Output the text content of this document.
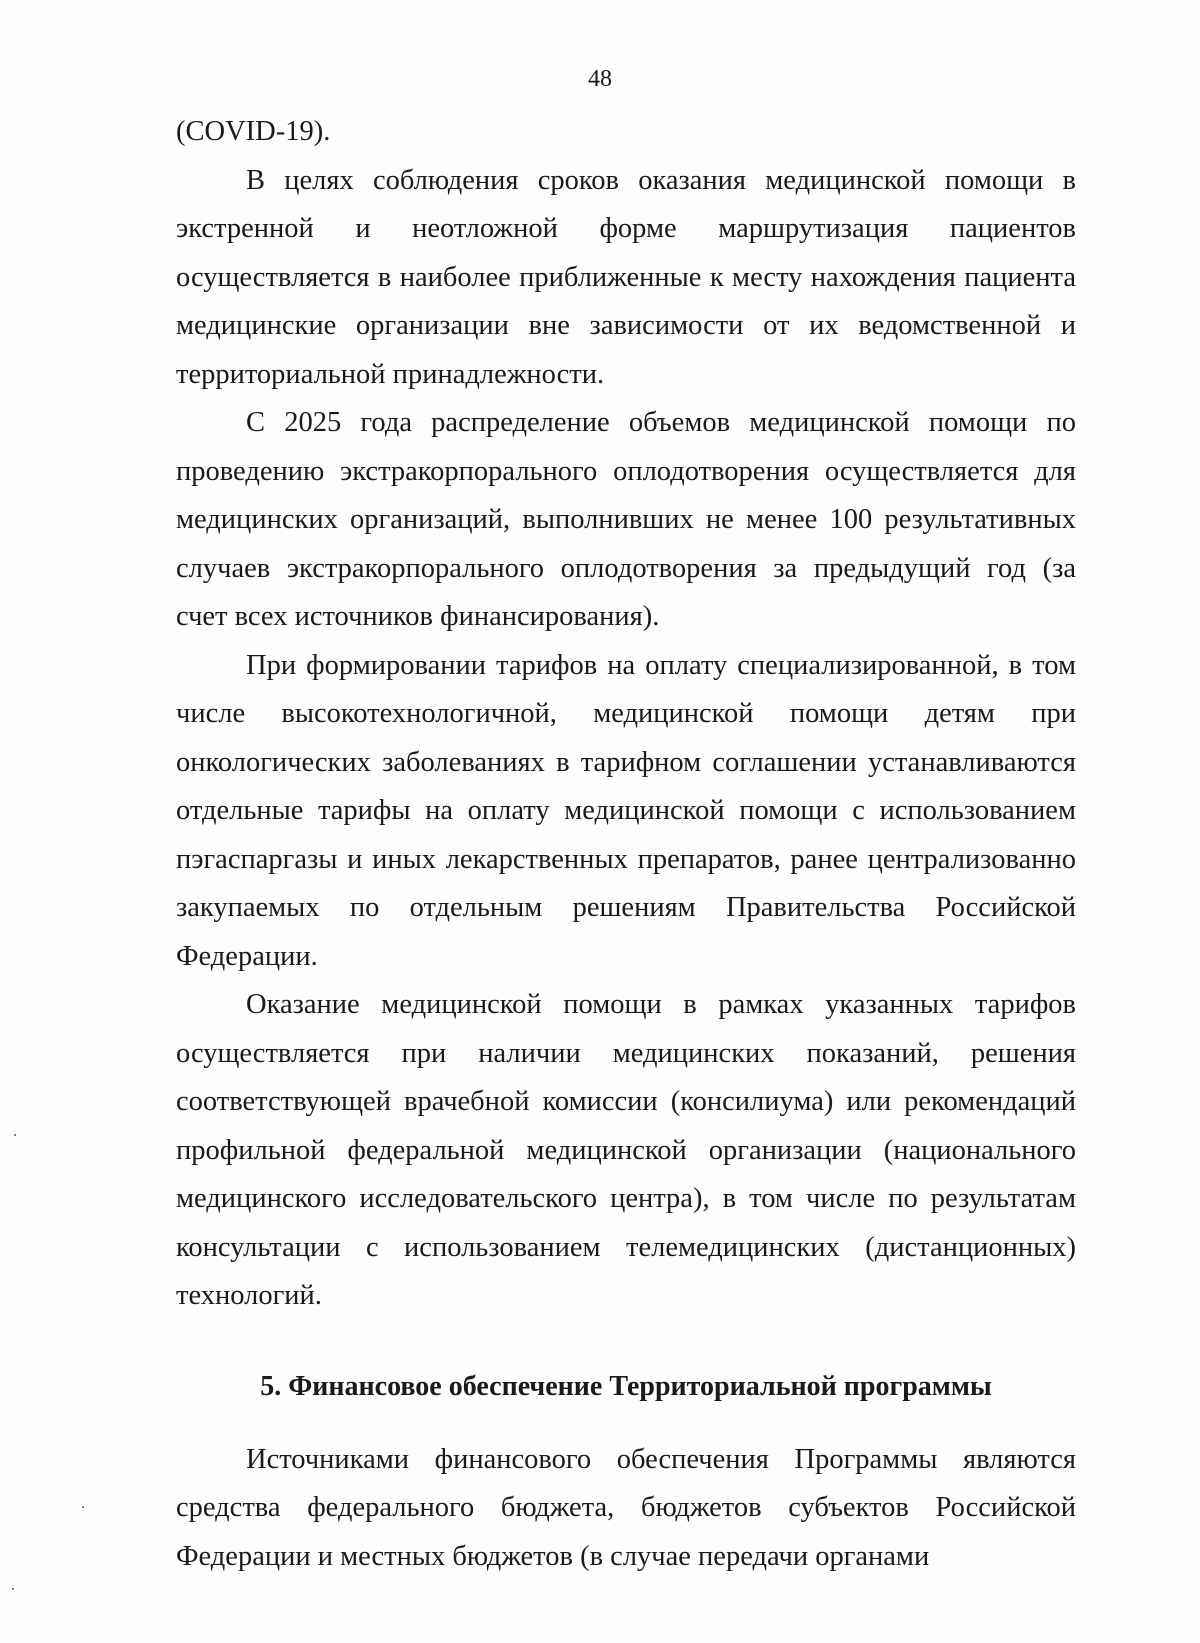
48

(COVID-19).

В целях соблюдения сроков оказания медицинской помощи в экстренной и неотложной форме маршрутизация пациентов осуществляется в наиболее приближенные к месту нахождения пациента медицинские организации вне зависимости от их ведомственной и территориальной принадлежности.

С 2025 года распределение объемов медицинской помощи по проведению экстракорпорального оплодотворения осуществляется для медицинских организаций, выполнивших не менее 100 результативных случаев экстракорпорального оплодотворения за предыдущий год (за счет всех источников финансирования).

При формировании тарифов на оплату специализированной, в том числе высокотехнологичной, медицинской помощи детям при онкологических заболеваниях в тарифном соглашении устанавливаются отдельные тарифы на оплату медицинской помощи с использованием пэгаспаргазы и иных лекарственных препаратов, ранее централизованно закупаемых по отдельным решениям Правительства Российской Федерации.

Оказание медицинской помощи в рамках указанных тарифов осуществляется при наличии медицинских показаний, решения соответствующей врачебной комиссии (консилиума) или рекомендаций профильной федеральной медицинской организации (национального медицинского исследовательского центра), в том числе по результатам консультации с использованием телемедицинских (дистанционных) технологий.

5. Финансовое обеспечение Территориальной программы

Источниками финансового обеспечения Программы являются средства федерального бюджета, бюджетов субъектов Российской Федерации и местных бюджетов (в случае передачи органами
